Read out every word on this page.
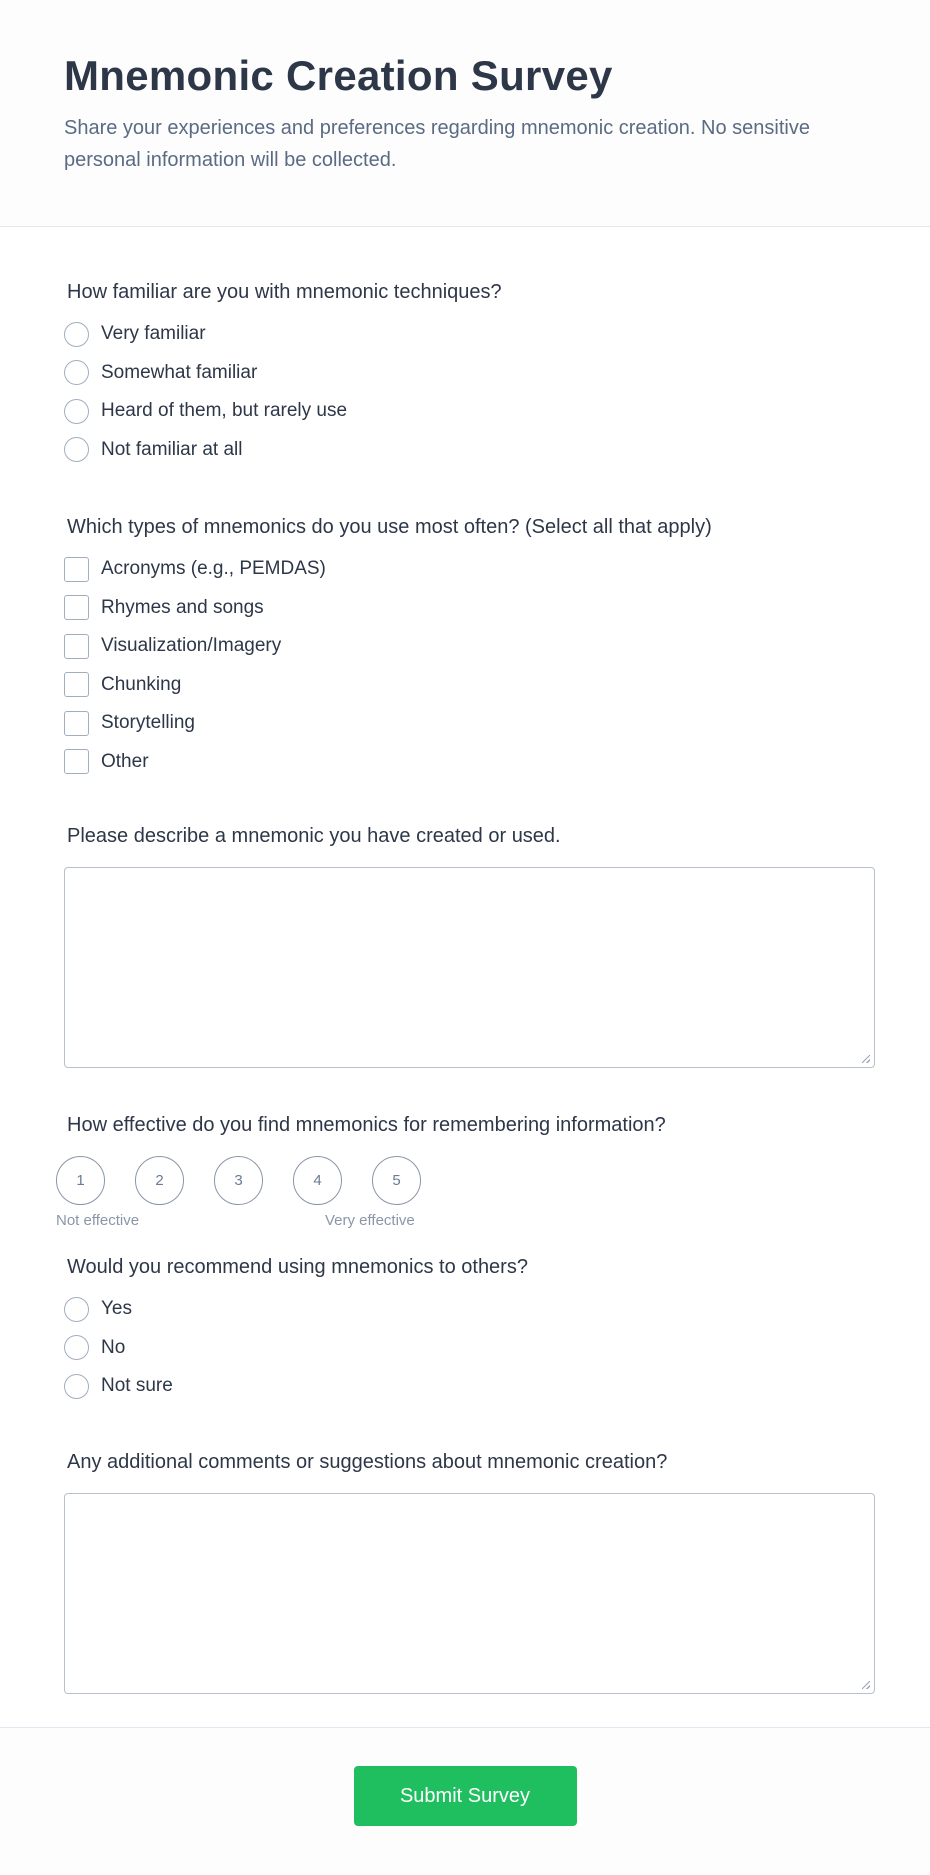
Mnemonic Creation Survey

Share your experiences and preferences regarding mnemonic creation. No sensitive personal information will be collected.

How familiar are you with mnemonic techniques?
Very familiar
Somewhat familiar
Heard of them, but rarely use
Not familiar at all
Which types of mnemonics do you use most often? (Select all that apply)
Acronyms (e.g., PEMDAS)
Rhymes and songs
Visualization/Imagery
Chunking
Storytelling
Other
Please describe a mnemonic you have created or used.
How effective do you find mnemonics for remembering information?
1	2	3	4	5
Not effective	Very effective
Would you recommend using mnemonics to others?
Yes
No
Not sure
Any additional comments or suggestions about mnemonic creation?
Submit Survey
